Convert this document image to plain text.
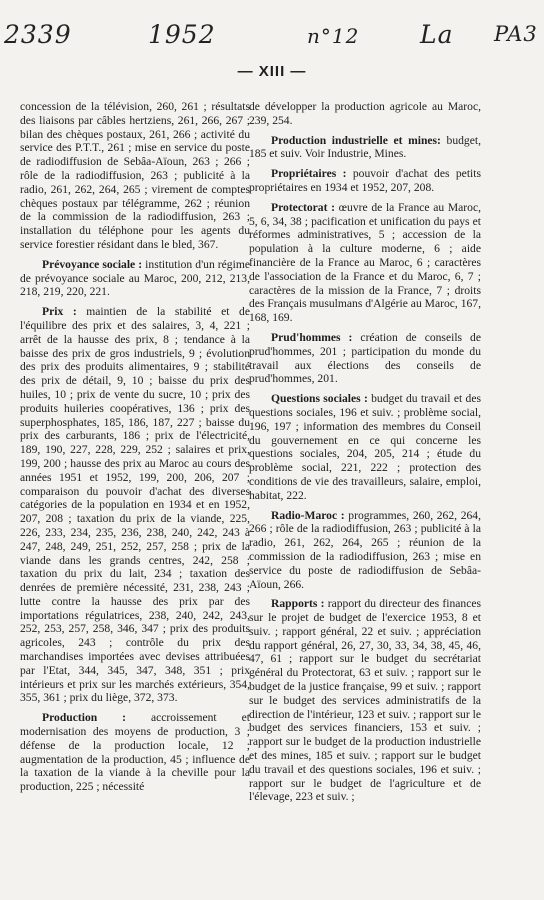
2339	1952	n°12 La PA3
— XIII —

concession de la télévision, 260, 261 ; résultats des liaisons par câbles hertziens, 261, 266, 267 ; bilan des chèques postaux, 261, 266 ; activité du service des P.T.T., 261 ; mise en service du poste de radiodiffusion de Sebâa-Aïoun, 263 ; 266 ; rôle de la radiodiffusion, 263 ; publicité à la radio, 261, 262, 264, 265 ; virement de comptes chèques postaux par télégramme, 262 ; réunion de la commission de la radiodiffusion, 263 ; installation du téléphone pour les agents du service forestier résidant dans le bled, 367.

Prévoyance sociale : institution d'un régime de prévoyance sociale au Maroc, 200, 212, 213, 218, 219, 220, 221.

Prix : maintien de la stabilité et de l'équilibre des prix et des salaires, 3, 4, 221 ; arrêt de la hausse des prix, 8 ; tendance à la baisse des prix de gros industriels, 9 ; évolution des prix des produits alimentaires, 9 ; stabilité des prix de détail, 9, 10 ; baisse du prix des huiles, 10 ; prix de vente du sucre, 10 ; prix des produits huileries coopératives, 136 ; prix des superphosphates, 185, 186, 187, 227 ; baisse du prix des carburants, 186 ; prix de l'électricité, 189, 190, 227, 228, 229, 252 ; salaires et prix, 199, 200 ; hausse des prix au Maroc au cours des années 1951 et 1952, 199, 200, 206, 207 ; comparaison du pouvoir d'achat des diverses catégories de la population en 1934 et en 1952, 207, 208 ; taxation du prix de la viande, 225, 226, 233, 234, 235, 236, 238, 240, 242, 243 à 247, 248, 249, 251, 252, 257, 258 ; prix de la viande dans les grands centres, 242, 258 ; taxation du prix du lait, 234 ; taxation des denrées de première nécessité, 231, 238, 243 ; lutte contre la hausse des prix par des importations régulatrices, 238, 240, 242, 243, 252, 253, 257, 258, 346, 347 ; prix des produits agricoles, 243 ; contrôle du prix des marchandises importées avec devises attribuées par l'Etat, 344, 345, 347, 348, 351 ; prix intérieurs et prix sur les marchés extérieurs, 354, 355, 361 ; prix du liège, 372, 373.

Production : accroissement et modernisation des moyens de production, 3 ; défense de la production locale, 12 ; augmentation de la production, 45 ; influence de la taxation de la viande à la cheville pour la production, 225 ; nécessité

de développer la production agricole au Maroc, 239, 254.

Production industrielle et mines: budget, 185 et suiv. Voir Industrie, Mines.

Propriétaires : pouvoir d'achat des petits propriétaires en 1934 et 1952, 207, 208.

Protectorat : œuvre de la France au Maroc, 5, 6, 34, 38 ; pacification et unification du pays et réformes administratives, 5 ; accession de la population à la culture moderne, 6 ; aide financière de la France au Maroc, 6 ; caractères de l'association de la France et du Maroc, 6, 7 ; caractères de la mission de la France, 7 ; droits des Français musulmans d'Algérie au Maroc, 167, 168, 169.

Prud'hommes : création de conseils de prud'hommes, 201 ; participation du monde du travail aux élections des conseils de prud'hommes, 201.

Questions sociales : budget du travail et des questions sociales, 196 et suiv. ; problème social, 196, 197 ; information des membres du Conseil du gouvernement en ce qui concerne les questions sociales, 204, 205, 214 ; étude du problème social, 221, 222 ; protection des conditions de vie des travailleurs, salaire, emploi, habitat, 222.

Radio-Maroc : programmes, 260, 262, 264, 266 ; rôle de la radiodiffusion, 263 ; publicité à la radio, 261, 262, 264, 265 ; réunion de la commission de la radiodiffusion, 263 ; mise en service du poste de radiodiffusion de Sebâa-Aïoun, 266.

Rapports : rapport du directeur des finances sur le projet de budget de l'exercice 1953, 8 et suiv. ; rapport général, 22 et suiv. ; appréciation du rapport général, 26, 27, 30, 33, 34, 38, 45, 46, 47, 61 ; rapport sur le budget du secrétariat général du Protectorat, 63 et suiv. ; rapport sur le budget de la justice française, 99 et suiv. ; rapport sur le budget des services administratifs de la direction de l'intérieur, 123 et suiv. ; rapport sur le budget des services financiers, 153 et suiv. ; rapport sur le budget de la production industrielle et des mines, 185 et suiv. ; rapport sur le budget du travail et des questions sociales, 196 et suiv. ; rapport sur le budget de l'agriculture et de l'élevage, 223 et suiv. ;
